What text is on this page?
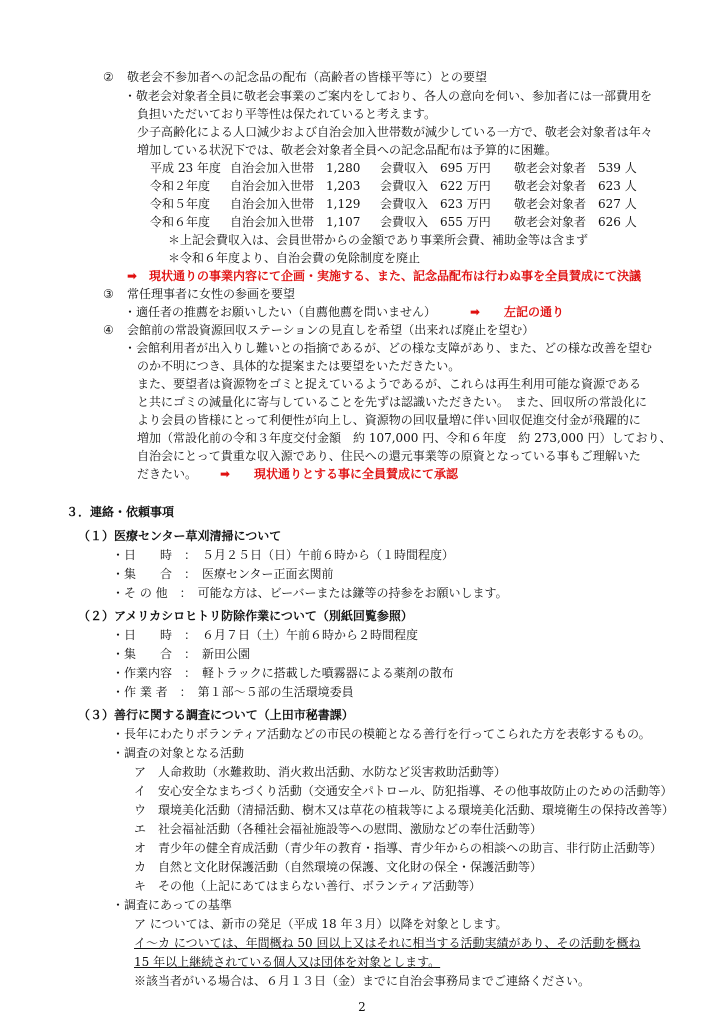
② 敬老会不参加者への記念品の配布（高齢者の皆様平等に）との要望
・敬老会対象者全員に敬老会事業のご案内をしており、各人の意向を伺い、参加者には一部費用を
負担いただいており平等性は保たれていると考えます。
少子高齢化による人口減少および自治会加入世帯数が減少している一方で、敬老会対象者は年々
増加している状況下では、敬老会対象者全員への記念品配布は予算的に困難。
平成 23 年度 自治会加入世帯　1,280 会費収入　695 万円 敬老会対象者　539 人
令和２年度 自治会加入世帯　1,203 会費収入　622 万円 敬老会対象者　623 人
令和５年度 自治会加入世帯　1,129 会費収入　623 万円 敬老会対象者　627 人
令和６年度 自治会加入世帯　1,107 会費収入　655 万円 敬老会対象者　626 人
＊上記会費収入は、会員世帯からの金額であり事業所会費、補助金等は含まず
＊令和６年度より、自治会費の免除制度を廃止
➡　現状通りの事業内容にて企画・実施する、また、記念品配布は行わぬ事を全員賛成にて決議
③ 常任理事者に女性の参画を要望
・適任者の推薦をお願いしたい（自薦他薦を問いません）	➡　　左記の通り
④ 会館前の常設資源回収ステーションの見直しを希望（出来れば廃止を望む）
・会館利用者が出入りし難いとの指摘であるが、どの様な支障があり、また、どの様な改善を望む
のか不明につき、具体的な提案または要望をいただきたい。
また、要望者は資源物をゴミと捉えているようであるが、これらは再生利用可能な資源である
と共にゴミの減量化に寄与していることを先ずは認識いただきたい。　また、回収所の常設化に
より会員の皆様にとって利便性が向上し、資源物の回収量増に伴い回収促進交付金が飛躍的に
増加（常設化前の令和３年度交付金額　約 107,000 円、令和６年度　約 273,000 円）しており、
自治会にとって貴重な収入源であり、住民への還元事業等の原資となっている事もご理解いた
だきたい。 ➡　　現状通りとする事に全員賛成にて承認
３．連絡・依頼事項
（１）医療センター草刈清掃について
・日　　時　：　５月２５日（日）午前６時から（１時間程度）
・集　　合　：　医療センター正面玄関前
・そ の 他　：　可能な方は、ビーバーまたは鎌等の持参をお願いします。
（２）アメリカシロヒトリ防除作業について（別紙回覧参照）
・日　　時　：　６月７日（土）午前６時から２時間程度
・集　　合　：　新田公園
・作業内容　：　軽トラックに搭載した噴霧器による薬剤の散布
・作 業 者　：　第１部～５部の生活環境委員
（３）善行に関する調査について（上田市秘書課）
・長年にわたりボランティア活動などの市民の模範となる善行を行ってこられた方を表彰するもの。
・調査の対象となる活動
ア　人命救助（水難救助、消火救出活動、水防など災害救助活動等）
イ　安心安全なまちづくり活動（交通安全パトロール、防犯指導、その他事故防止のための活動等）
ウ　環境美化活動（清掃活動、樹木又は草花の植栽等による環境美化活動、環境衛生の保持改善等）
エ　社会福祉活動（各種社会福祉施設等への慰問、激励などの奉仕活動等）
オ　青少年の健全育成活動（青少年の教育・指導、青少年からの相談への助言、非行防止活動等）
カ　自然と文化財保護活動（自然環境の保護、文化財の保全・保護活動等）
キ　その他（上記にあてはまらない善行、ボランティア活動等）
・調査にあっての基準
ア については、新市の発足（平成 18 年３月）以降を対象とします。
イ～カ については、年間概ね 50 回以上又はそれに相当する活動実績があり、その活動を概ね
15 年以上継続されている個人又は団体を対象とします。
※該当者がいる場合は、６月１３日（金）までに自治会事務局までご連絡ください。
2
